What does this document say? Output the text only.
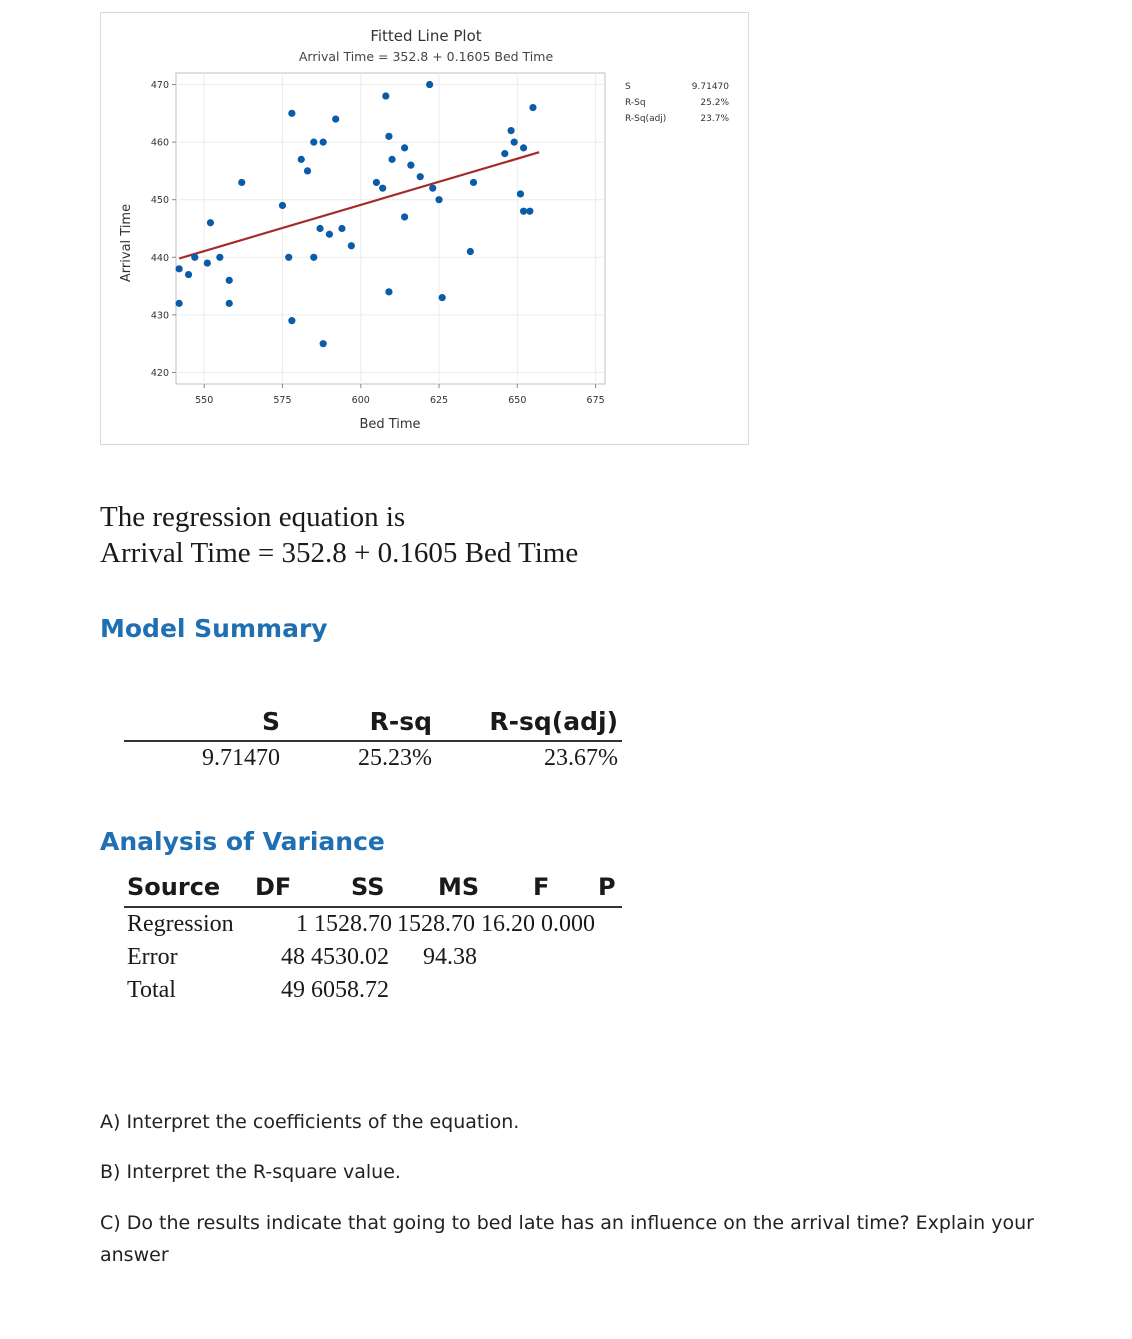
Fitted Line Plot
Arrival Time = 352.8 + 0.1605 Bed Time
550	575	600	625	650	675
420
430
440
450
460
470
Bed Time
Arrival Time
S	9.71470
R-Sq	25.2%
R-Sq(adj)	23.7%
The regression equation is
Arrival Time = 352.8 + 0.1605 Bed Time
Model Summary
S	R-sq	R-sq(adj)
9.71470	25.23%	23.67%
Analysis of Variance
Source DF SS MS F P
Regression	1 1528.70 1528.70 16.20 0.000
Error	48 4530.02 94.38
Total	49 6058.72
A) Interpret the coefficients of the equation.
B) Interpret the R-square value.
C) Do the results indicate that going to bed late has an influence on the arrival time? Explain your answer
